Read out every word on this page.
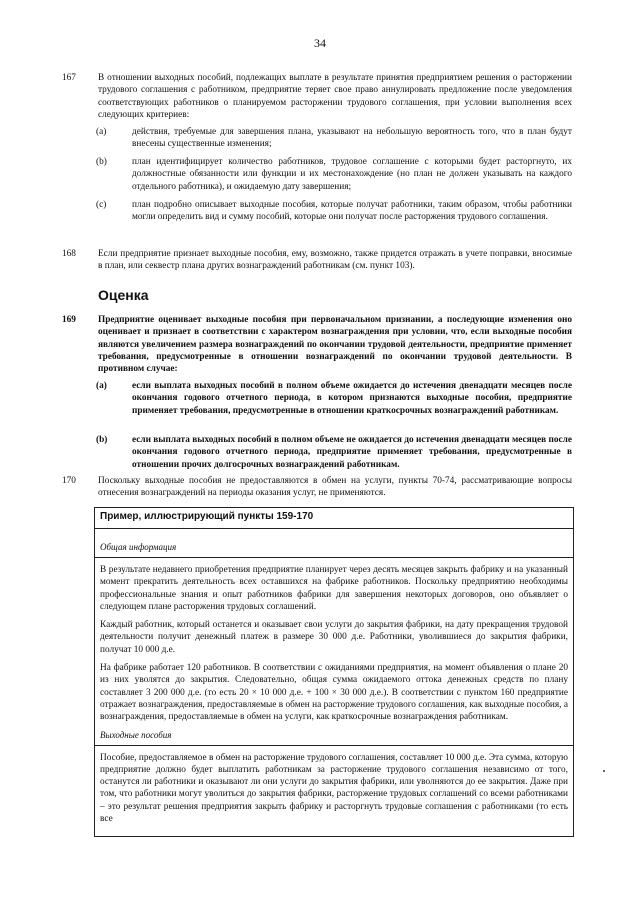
34
167 В отношении выходных пособий, подлежащих выплате в результате принятия предприятием решения о расторжении трудового соглашения с работником, предприятие теряет свое право аннулировать предложение после уведомления соответствующих работников о планируемом расторжении трудового соглашения, при условии выполнения всех следующих критериев:
(a)	действия, требуемые для завершения плана, указывают на небольшую вероятность того, что в план будут внесены существенные изменения;
(b)	план идентифицирует количество работников, трудовое соглашение с которыми будет расторгнуто, их должностные обязанности или функции и их местонахождение (но план не должен указывать на каждого отдельного работника), и ожидаемую дату завершения;
(c)	план подробно описывает выходные пособия, которые получат работники, таким образом, чтобы работники могли определить вид и сумму пособий, которые они получат после расторжения трудового соглашения.
168 Если предприятие признает выходные пособия, ему, возможно, также придется отражать в учете поправки, вносимые в план, или секвестр плана других вознаграждений работникам (см. пункт 103).
Оценка
169 Предприятие оценивает выходные пособия при первоначальном признании, а последующие изменения оно оценивает и признает в соответствии с характером вознаграждения при условии, что, если выходные пособия являются увеличением размера вознаграждений по окончании трудовой деятельности, предприятие применяет требования, предусмотренные в отношении вознаграждений по окончании трудовой деятельности. В противном случае:
(a)	если выплата выходных пособий в полном объеме ожидается до истечения двенадцати месяцев после окончания годового отчетного периода, в котором признаются выходные пособия, предприятие применяет требования, предусмотренные в отношении краткосрочных вознаграждений работникам.
(b)	если выплата выходных пособий в полном объеме не ожидается до истечения двенадцати месяцев после окончания годового отчетного периода, предприятие применяет требования, предусмотренные в отношении прочих долгосрочных вознаграждений работникам.
170 Поскольку выходные пособия не предоставляются в обмен на услуги, пункты 70-74, рассматривающие вопросы отнесения вознаграждений на периоды оказания услуг, не применяются.
Пример, иллюстрирующий пункты 159-170
Общая информация
В результате недавнего приобретения предприятие планирует через десять месяцев закрыть фабрику и на указанный момент прекратить деятельность всех оставшихся на фабрике работников. Поскольку предприятию необходимы профессиональные знания и опыт работников фабрики для завершения некоторых договоров, оно объявляет о следующем плане расторжения трудовых соглашений.
Каждый работник, который останется и оказывает свои услуги до закрытия фабрики, на дату прекращения трудовой деятельности получит денежный платеж в размере 30 000 д.е. Работники, уволившиеся до закрытия фабрики, получат 10 000 д.е.
На фабрике работает 120 работников. В соответствии с ожиданиями предприятия, на момент объявления о плане 20 из них уволятся до закрытия. Следовательно, общая сумма ожидаемого оттока денежных средств по плану составляет 3 200 000 д.е. (то есть 20 × 10 000 д.е. + 100 × 30 000 д.е.). В соответствии с пунктом 160 предприятие отражает вознаграждения, предоставляемые в обмен на расторжение трудового соглашения, как выходные пособия, а вознаграждения, предоставляемые в обмен на услуги, как краткосрочные вознаграждения работникам.
Выходные пособия
Пособие, предоставляемое в обмен на расторжение трудового соглашения, составляет 10 000 д.е. Эта сумма, которую предприятие должно будет выплатить работникам за расторжение трудового соглашения независимо от того, останутся ли работники и оказывают ли они услуги до закрытия фабрики, или уволняются до ее закрытия. Даже при том, что работники могут уволиться до закрытия фабрики, расторжение трудовых соглашений со всеми работниками – это результат решения предприятия закрыть фабрику и расторгнуть трудовые соглашения с работниками (то есть все
